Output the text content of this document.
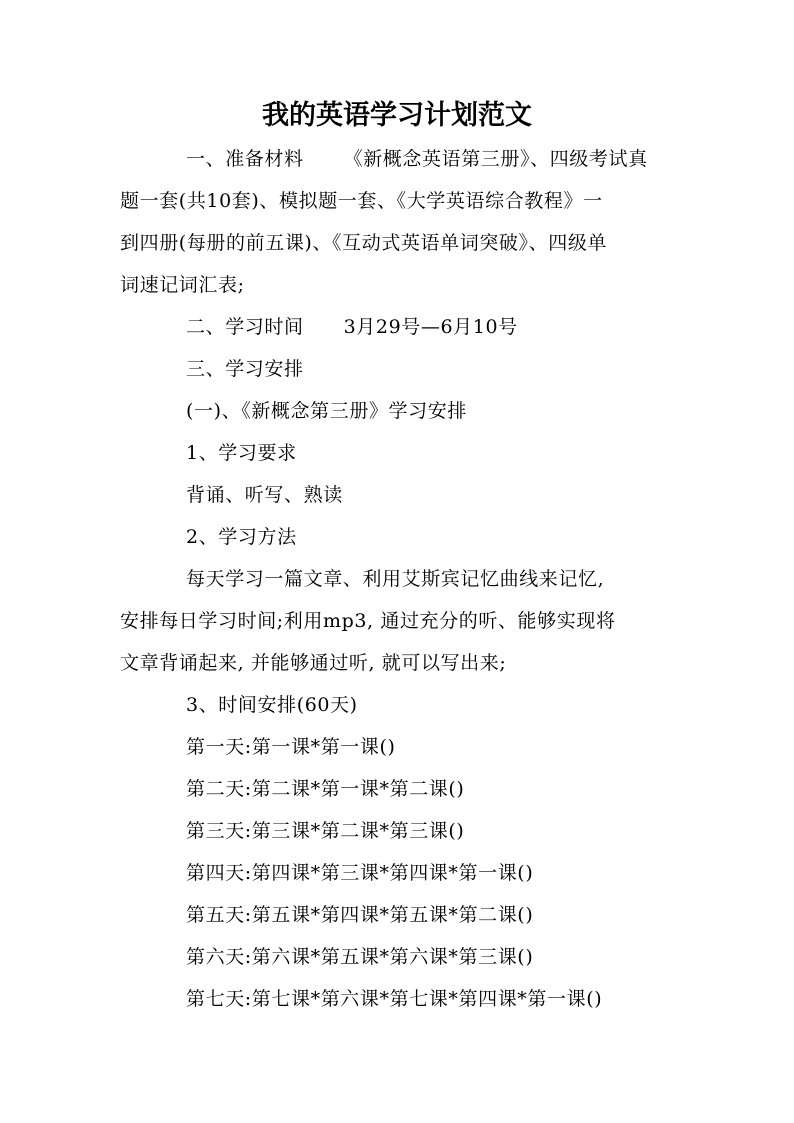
我的英语学习计划范文
一、准备材料 《新概念英语第三册》、四级考试真
题一套(共10套)、模拟题一套、《大学英语综合教程》一
到四册(每册的前五课)、《互动式英语单词突破》、四级单
词速记词汇表;
二、学习时间 3月29号—6月10号
三、学习安排
(一)、《新概念第三册》学习安排
1、学习要求
背诵、听写、熟读
2、学习方法
每天学习一篇文章、利用艾斯宾记忆曲线来记忆,
安排每日学习时间;利用mp3, 通过充分的听、能够实现将
文章背诵起来, 并能够通过听, 就可以写出来;
3、时间安排(60天)
第一天:第一课*第一课()
第二天:第二课*第一课*第二课()
第三天:第三课*第二课*第三课()
第四天:第四课*第三课*第四课*第一课()
第五天:第五课*第四课*第五课*第二课()
第六天:第六课*第五课*第六课*第三课()
第七天:第七课*第六课*第七课*第四课*第一课()
